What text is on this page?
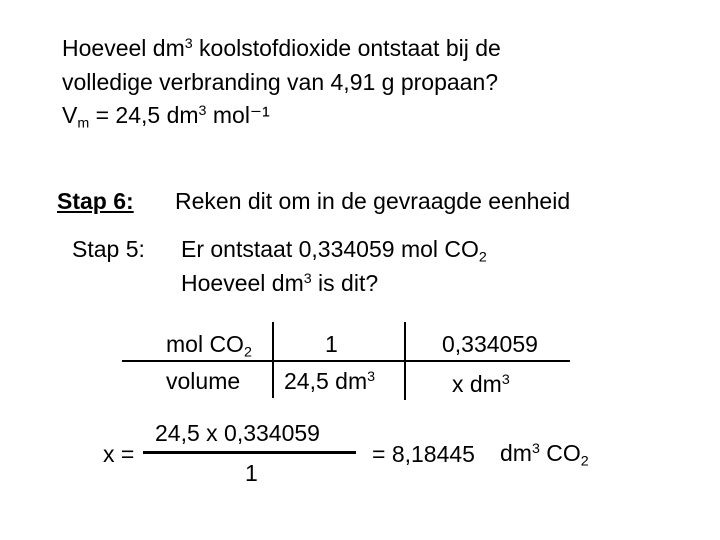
Hoeveel $dm^3$ koolstofdioxide ontstaat bij de
volledige verbranding van 4,91 g propaan?
$V_m = 24,5$ $dm^3$ mol⁻¹
Stap 6: Reken dit om in de gevraagde eenheid
Stap 5: Er ontstaat 0,334059 mol $CO_2$
Hoeveel $dm^3$ is dit?
mol $CO_2$	1	0,334059
volume 24,5 $dm^3$	x $dm^3$
x =
24,5 x 0,334059
1
= 8,18445 $dm^3$ $CO_2$
